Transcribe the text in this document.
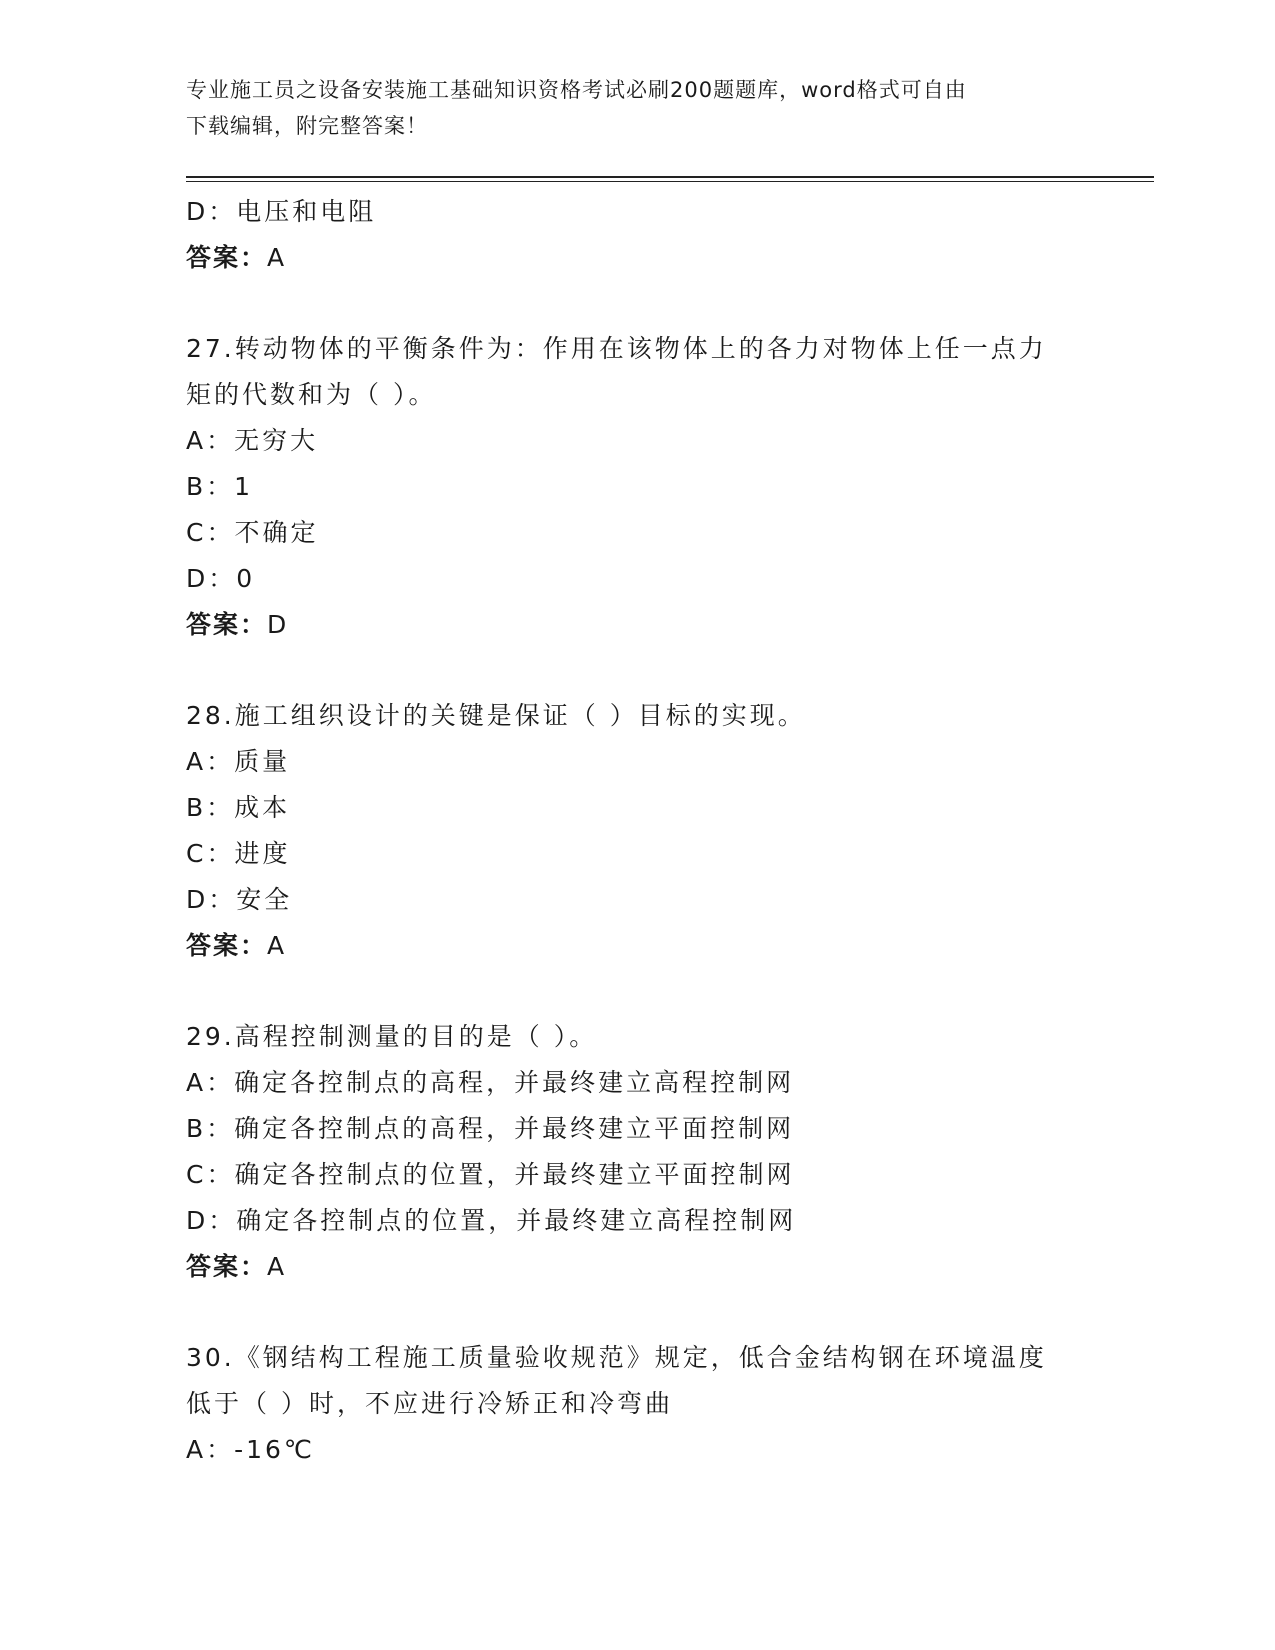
专业施工员之设备安装施工基础知识资格考试必刷200题题库，word格式可自由
下载编辑，附完整答案！
D：电压和电阻
答案：A
27.转动物体的平衡条件为：作用在该物体上的各力对物体上任一点力
矩的代数和为（ ）。
A：无穷大
B：1
C：不确定
D：0
答案：D
28.施工组织设计的关键是保证（ ）目标的实现。
A：质量
B：成本
C：进度
D：安全
答案：A
29.高程控制测量的目的是（ ）。
A：确定各控制点的高程，并最终建立高程控制网
B：确定各控制点的高程，并最终建立平面控制网
C：确定各控制点的位置，并最终建立平面控制网
D：确定各控制点的位置，并最终建立高程控制网
答案：A
30.《钢结构工程施工质量验收规范》规定，低合金结构钢在环境温度
低于（ ）时，不应进行冷矫正和冷弯曲
A：-16℃
